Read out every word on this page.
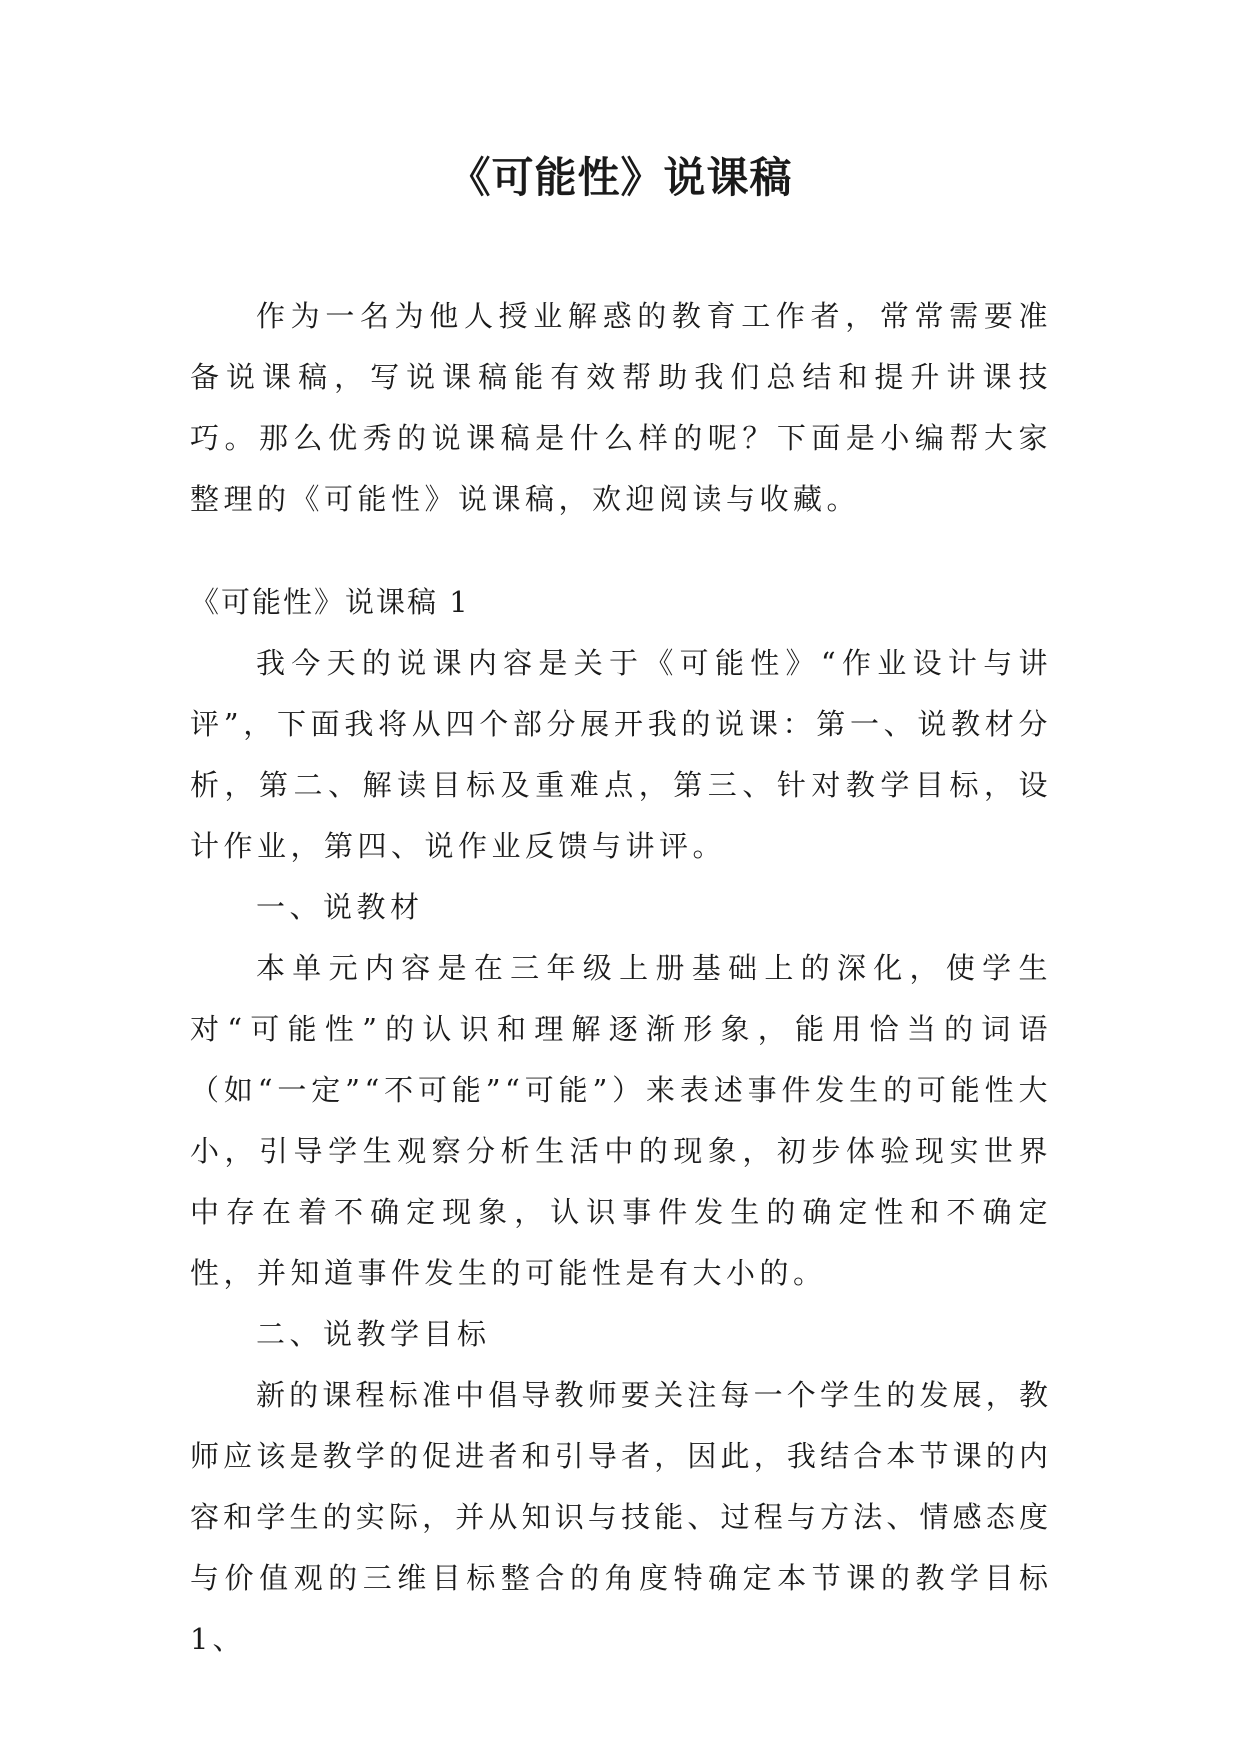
《可能性》说课稿

作为一名为他人授业解惑的教育工作者，常常需要准备说课稿，写说课稿能有效帮助我们总结和提升讲课技巧。那么优秀的说课稿是什么样的呢？下面是小编帮大家整理的《可能性》说课稿，欢迎阅读与收藏。

《可能性》说课稿 1

我今天的说课内容是关于《可能性》“作业设计与讲评”，下面我将从四个部分展开我的说课：第一、说教材分析，第二、解读目标及重难点，第三、针对教学目标，设计作业，第四、说作业反馈与讲评。

一、说教材

本单元内容是在三年级上册基础上的深化，使学生对“可能性”的认识和理解逐渐形象，能用恰当的词语（如“一定”“不可能”“可能”）来表述事件发生的可能性大小，引导学生观察分析生活中的现象，初步体验现实世界中存在着不确定现象，认识事件发生的确定性和不确定性，并知道事件发生的可能性是有大小的。

二、说教学目标

新的课程标准中倡导教师要关注每一个学生的发展，教师应该是教学的促进者和引导者，因此，我结合本节课的内容和学生的实际，并从知识与技能、过程与方法、情感态度与价值观的三维目标整合的角度特确定本节课的教学目标 1、
